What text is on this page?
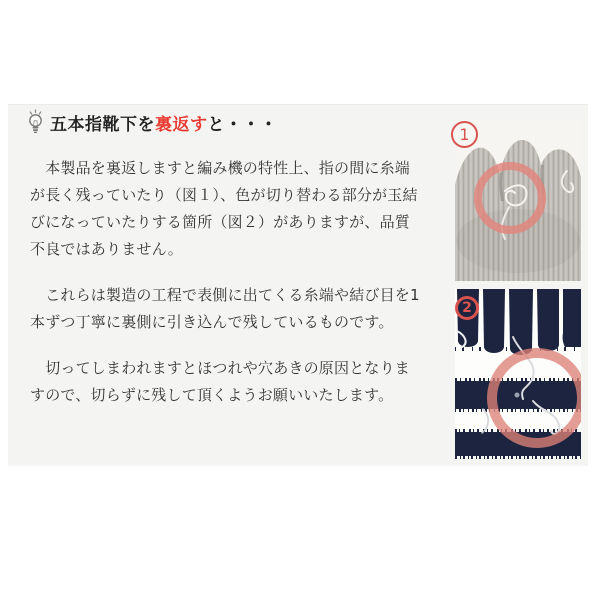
五本指靴下を裏返すと・・・

　本製品を裏返しますと編み機の特性上、指の間に糸端が長く残っていたり（図１）、色が切り替わる部分が玉結びになっていたりする箇所（図２）がありますが、品質不良ではありません。

　これらは製造の工程で表側に出てくる糸端や結び目を1本ずつ丁寧に裏側に引き込んで残しているものです。

　切ってしまわれますとほつれや穴あきの原因となりますので、切らずに残して頂くようお願いいたします。

1
2
